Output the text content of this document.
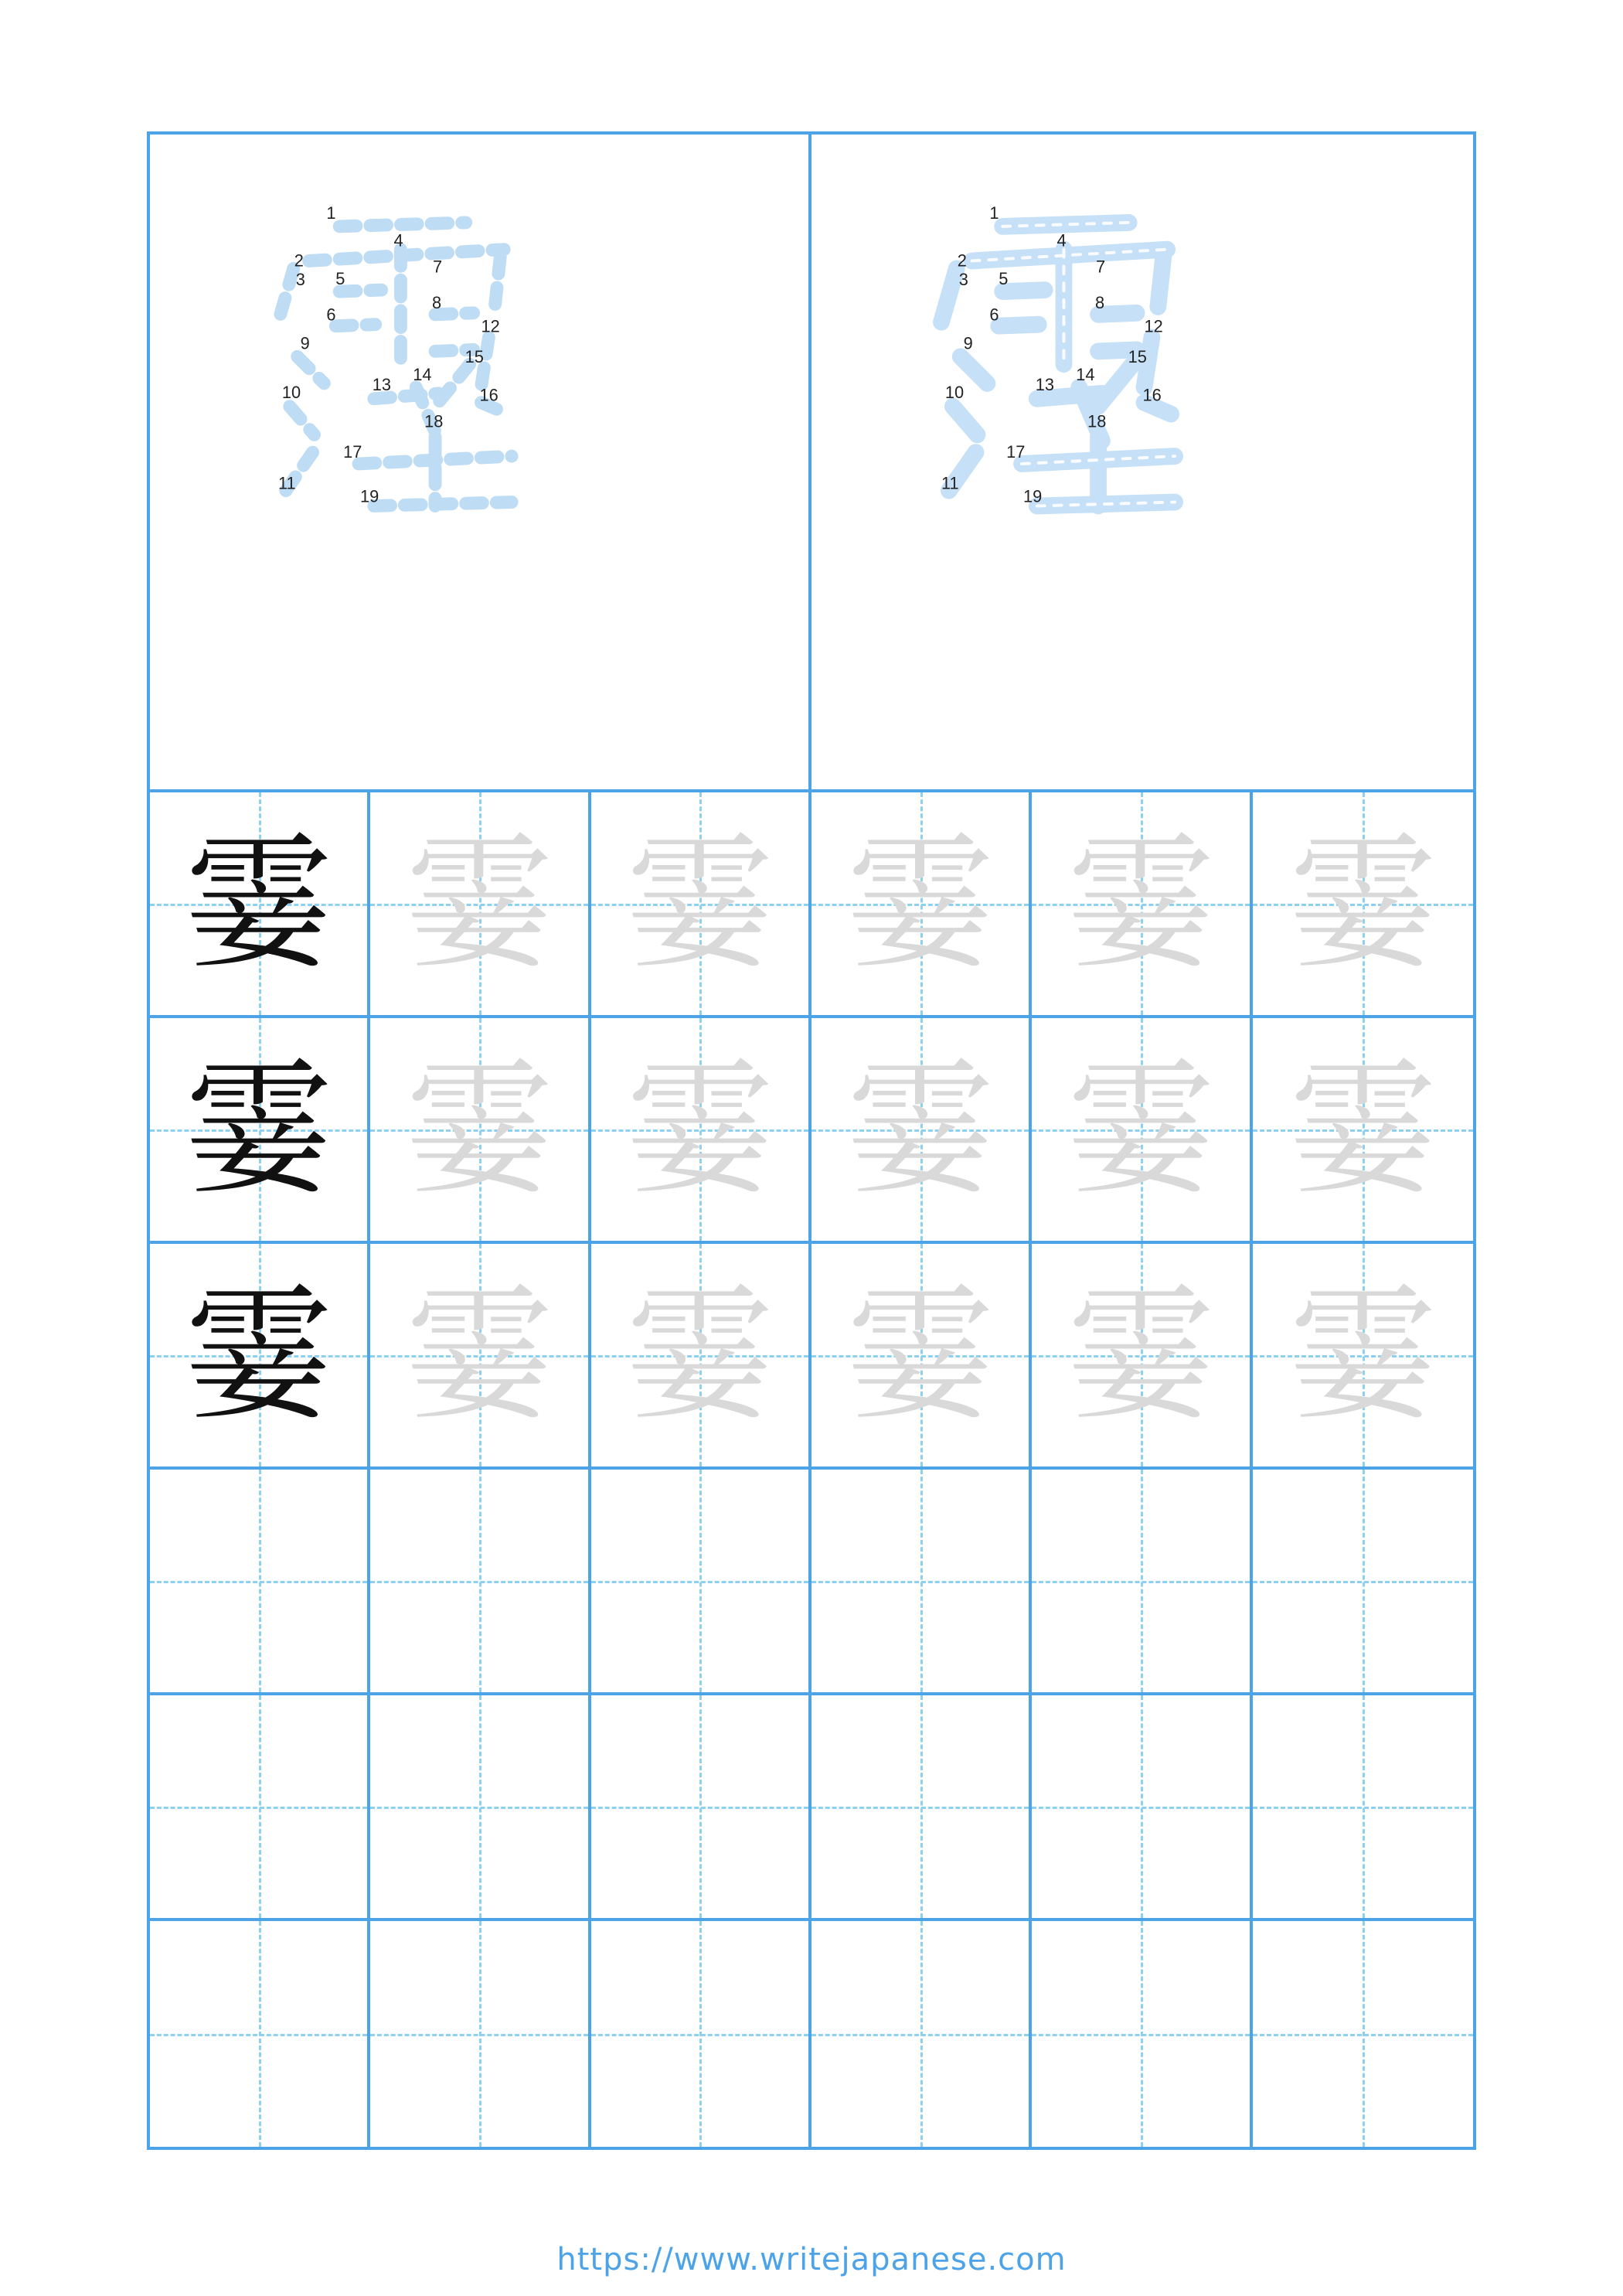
1
2
3
4
5
6
7
8
9
10
11
12
13
14
15
16
17
18
19
1
2
3
4
5
6
7
8
9
10
11
12
13
14
15
16
17
18
19
霎 霎 霎 霎 霎 霎
霎 霎 霎 霎 霎 霎
霎 霎 霎 霎 霎 霎
https://www.writejapanese.com
